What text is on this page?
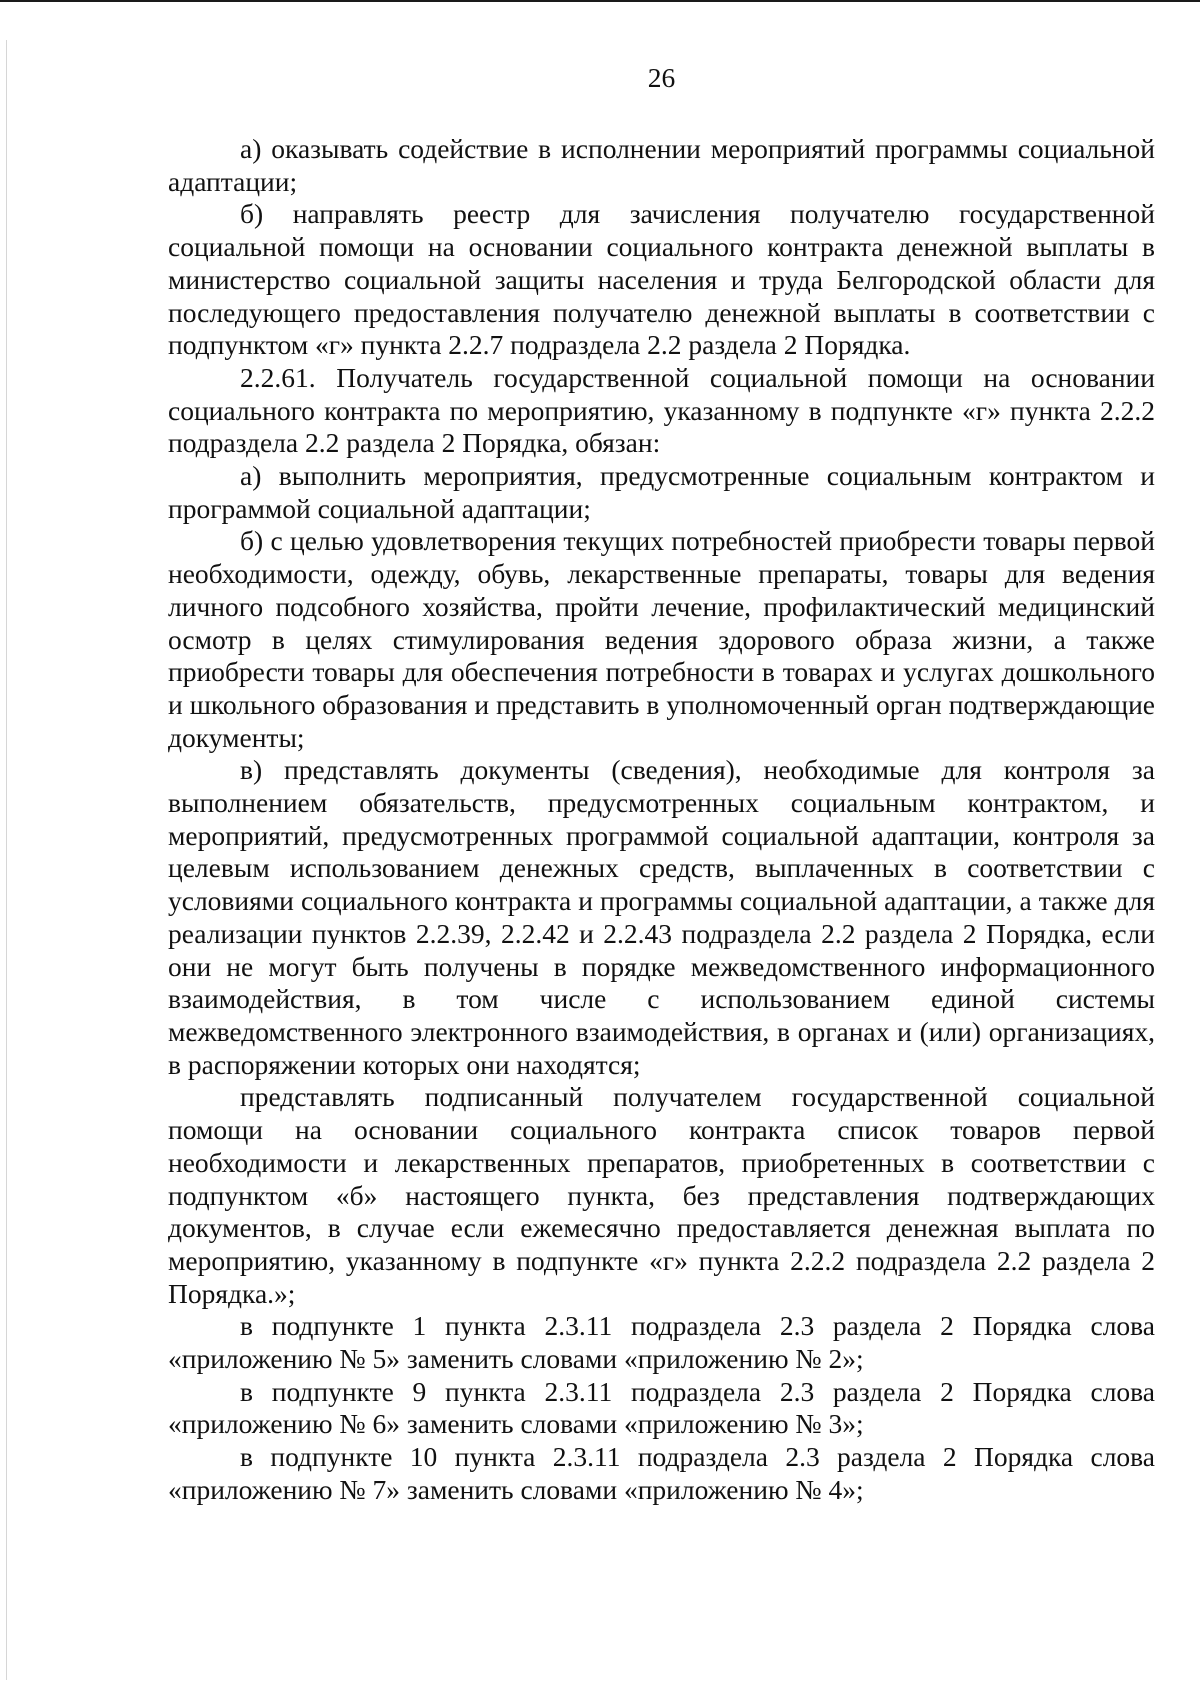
26

а) оказывать содействие в исполнении мероприятий программы социальной адаптации;

б) направлять реестр для зачисления получателю государственной социальной помощи на основании социального контракта денежной выплаты в министерство социальной защиты населения и труда Белгородской области для последующего предоставления получателю денежной выплаты в соответствии с подпунктом «г» пункта 2.2.7 подраздела 2.2 раздела 2 Порядка.

2.2.61. Получатель государственной социальной помощи на основании социального контракта по мероприятию, указанному в подпункте «г» пункта 2.2.2 подраздела 2.2 раздела 2 Порядка, обязан:

а) выполнить мероприятия, предусмотренные социальным контрактом и программой социальной адаптации;

б) с целью удовлетворения текущих потребностей приобрести товары первой необходимости, одежду, обувь, лекарственные препараты, товары для ведения личного подсобного хозяйства, пройти лечение, профилактический медицинский осмотр в целях стимулирования ведения здорового образа жизни, а также приобрести товары для обеспечения потребности в товарах и услугах дошкольного и школьного образования и представить в уполномоченный орган подтверждающие документы;

в) представлять документы (сведения), необходимые для контроля за выполнением обязательств, предусмотренных социальным контрактом, и мероприятий, предусмотренных программой социальной адаптации, контроля за целевым использованием денежных средств, выплаченных в соответствии с условиями социального контракта и программы социальной адаптации, а также для реализации пунктов 2.2.39, 2.2.42 и 2.2.43 подраздела 2.2 раздела 2 Порядка, если они не могут быть получены в порядке межведомственного информационного взаимодействия, в том числе с использованием единой системы межведомственного электронного взаимодействия, в органах и (или) организациях, в распоряжении которых они находятся;

представлять подписанный получателем государственной социальной помощи на основании социального контракта список товаров первой необходимости и лекарственных препаратов, приобретенных в соответствии с подпунктом «б» настоящего пункта, без представления подтверждающих документов, в случае если ежемесячно предоставляется денежная выплата по мероприятию, указанному в подпункте «г» пункта 2.2.2 подраздела 2.2 раздела 2 Порядка.»;

в подпункте 1 пункта 2.3.11 подраздела 2.3 раздела 2 Порядка слова «приложению № 5» заменить словами «приложению № 2»;

в подпункте 9 пункта 2.3.11 подраздела 2.3 раздела 2 Порядка слова «приложению № 6» заменить словами «приложению № 3»;

в подпункте 10 пункта 2.3.11 подраздела 2.3 раздела 2 Порядка слова «приложению № 7» заменить словами «приложению № 4»;
